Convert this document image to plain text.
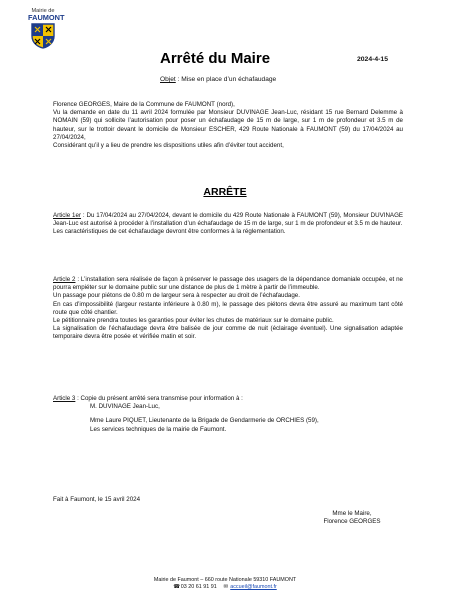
Mairie de
FAUMONT
Arrêté du Maire	2024-4-15
Objet : Mise en place d’un échafaudage

Florence GEORGES, Maire de la Commune de FAUMONT (nord),

Vu la demande en date du 11 avril 2024 formulée par Monsieur DUVINAGE Jean-Luc, résidant 15 rue Bernard Delemme à NOMAIN (59) qui sollicite l’autorisation pour poser un échafaudage de 15 m de large, sur 1 m de profondeur et 3.5 m de hauteur, sur le trottoir devant le domicile de Monsieur ESCHER, 429 Route Nationale à FAUMONT (59) du 17/04/2024 au 27/04/2024,

Considérant qu’il y a lieu de prendre les dispositions utiles afin d’éviter tout accident,

ARRÊTE

Article 1er : Du 17/04/2024 au 27/04/2024, devant le domicile du 429 Route Nationale à FAUMONT (59), Monsieur DUVINAGE Jean-Luc est autorisé à procéder à l’installation d’un échafaudage de 15 m de large, sur 1 m de profondeur et 3.5 m de hauteur.

Les caractéristiques de cet échafaudage devront être conformes à la réglementation.

Article 2 : L’installation sera réalisée de façon à préserver le passage des usagers de la dépendance domaniale occupée, et ne pourra empiéter sur le domaine public sur une distance de plus de 1 mètre à partir de l’immeuble.

Un passage pour piétons de 0.80 m de largeur sera à respecter au droit de l’échafaudage.

En cas d’impossibilité (largeur restante inférieure à 0.80 m), le passage des piétons devra être assuré au maximum tant côté route que côté chantier.

Le pétitionnaire prendra toutes les garanties pour éviter les chutes de matériaux sur le domaine public.

La signalisation de l’échafaudage devra être balisée de jour comme de nuit (éclairage éventuel). Une signalisation adaptée temporaire devra être posée et vérifiée matin et soir.

Article 3 : Copie du présent arrêté sera transmise pour information à :

M. DUVINAGE Jean-Luc,

Mme Laure PIQUET, Lieutenante de la Brigade de Gendarmerie de ORCHIES (59),

Les services techniques de la mairie de Faumont.

Fait à Faumont, le 15 avril 2024
Mme le Maire,
Florence GEORGES
Mairie de Faumont – 660 route Nationale 59310 FAUMONT
☎ 03 20 61 91 91 ✉ accueil@faumont.fr
